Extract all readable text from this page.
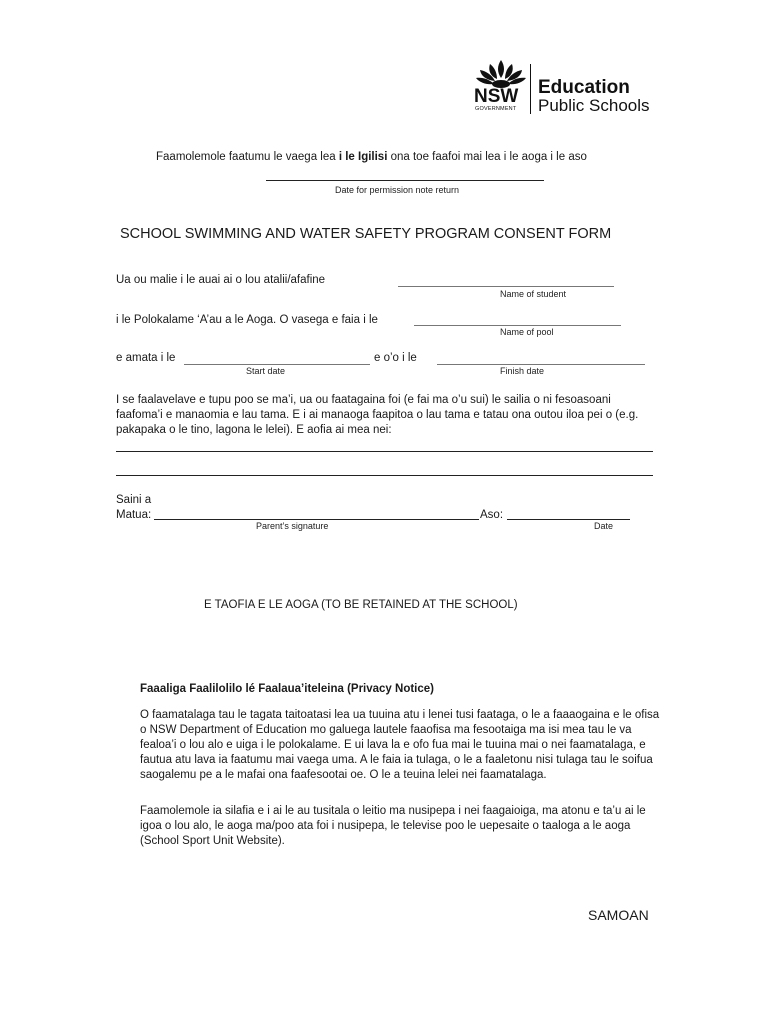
NSW
GOVERNMENT
Education
Public Schools
Faamolemole faatumu le vaega lea i le Igilisi ona toe faafoi mai lea i le aoga i le aso
Date for permission note return
SCHOOL SWIMMING AND WATER SAFETY PROGRAM CONSENT FORM
Ua ou malie i le auai ai o lou atalii/afafine
Name of student
i le Polokalame ‘A’au a le Aoga. O vasega e faia i le
Name of pool
e amata i le
Start date
e o’o i le
Finish date
I se faalavelave e tupu poo se ma’i, ua ou faatagaina foi (e fai ma o’u sui) le sailia o ni fesoasoani faafoma’i e manaomia e lau tama. E i ai manaoga faapitoa o lau tama e tatau ona outou iloa pei o (e.g. pakapaka o le tino, lagona le lelei). E aofia ai mea nei:
Saini a
Matua:
Parent’s signature
Aso:
Date
E TAOFIA E LE AOGA (TO BE RETAINED AT THE SCHOOL)
Faaaliga Faalilolilo lé Faalaua’iteleina (Privacy Notice)
O faamatalaga tau le tagata taitoatasi lea ua tuuina atu i lenei tusi faataga, o le a faaaogaina e le ofisa o NSW Department of Education mo galuega lautele faaofisa ma fesootaiga ma isi mea tau le va fealoa’i o lou alo e uiga i le polokalame. E ui lava la e ofo fua mai le tuuina mai o nei faamatalaga, e fautua atu lava ia faatumu mai vaega uma. A le faia ia tulaga, o le a faaletonu nisi tulaga tau le soifua saogalemu pe a le mafai ona faafesootai oe. O le a teuina lelei nei faamatalaga.
Faamolemole ia silafia e i ai le au tusitala o leitio ma nusipepa i nei faagaioiga, ma atonu e ta’u ai le igoa o lou alo, le aoga ma/poo ata foi i nusipepa, le televise poo le uepesaite o taaloga a le aoga (School Sport Unit Website).
SAMOAN
